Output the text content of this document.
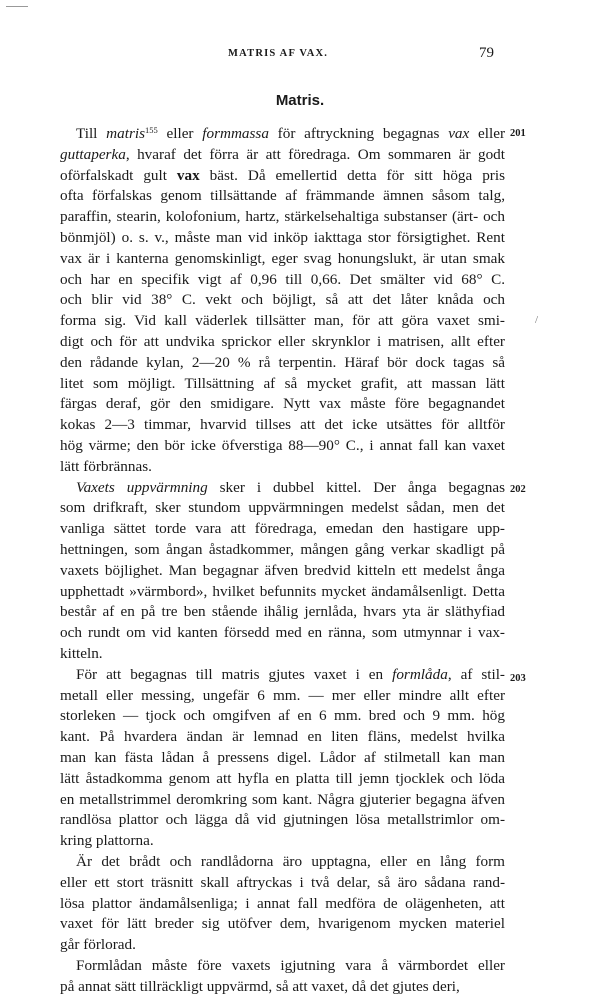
MATRIS AF VAX.	79
Matris.
Till matris$^{155}$ eller formmassa för aftryckning begagnas vax eller
guttaperka, hvaraf det förra är att föredraga. Om sommaren är godt
oförfalskadt gult vax bäst. Då emellertid detta för sitt höga pris
ofta förfalskas genom tillsättande af främmande ämnen såsom talg,
paraffin, stearin, kolofonium, hartz, stärkelsehaltiga substanser (ärt- och
bönmjöl) o. s. v., måste man vid inköp iakttaga stor försigtighet. Rent
vax är i kanterna genomskinligt, eger svag honungslukt, är utan smak
och har en specifik vigt af 0,96 till 0,66. Det smälter vid 68° C.
och blir vid 38° C. vekt och böjligt, så att det låter knåda och
forma sig. Vid kall väderlek tillsätter man, för att göra vaxet smi-
digt och för att undvika sprickor eller skrynklor i matrisen, allt efter
den rådande kylan, 2—20 % rå terpentin. Häraf bör dock tagas så
litet som möjligt. Tillsättning af så mycket grafit, att massan lätt
färgas deraf, gör den smidigare. Nytt vax måste före begagnandet
kokas 2—3 timmar, hvarvid tillses att det icke utsättes för alltför
hög värme; den bör icke öfverstiga 88—90° C., i annat fall kan vaxet
lätt förbrännas.
Vaxets uppvärmning sker i dubbel kittel. Der ånga begagnas
som drifkraft, sker stundom uppvärmningen medelst sådan, men det
vanliga sättet torde vara att föredraga, emedan den hastigare upp-
hettningen, som ångan åstadkommer, mången gång verkar skadligt på
vaxets böjlighet. Man begagnar äfven bredvid kitteln ett medelst ånga
upphettadt »värmbord», hvilket befunnits mycket ändamålsenligt. Detta
består af en på tre ben stående ihålig jernlåda, hvars yta är släthyfiad
och rundt om vid kanten försedd med en ränna, som utmynnar i vax-
kitteln.
För att begagnas till matris gjutes vaxet i en formlåda, af stil-
metall eller messing, ungefär 6 mm. — mer eller mindre allt efter
storleken — tjock och omgifven af en 6 mm. bred och 9 mm. hög
kant. På hvardera ändan är lemnad en liten fläns, medelst hvilka
man kan fästa lådan å pressens digel. Lådor af stilmetall kan man
lätt åstadkomma genom att hyfla en platta till jemn tjocklek och löda
en metallstrimmel deromkring som kant. Några gjuterier begagna äfven
randlösa plattor och lägga då vid gjutningen lösa metallstrimlor om-
kring plattorna.
Är det brådt och randlådorna äro upptagna, eller en lång form
eller ett stort träsnitt skall aftryckas i två delar, så äro sådana rand-
lösa plattor ändamålsenliga; i annat fall medföra de olägenheten, att
vaxet för lätt breder sig utöfver dem, hvarigenom mycken materiel
går förlorad.
Formlådan måste före vaxets igjutning vara å värmbordet eller
på annat sätt tillräckligt uppvärmd, så att vaxet, då det gjutes deri,
201
202
203
/
